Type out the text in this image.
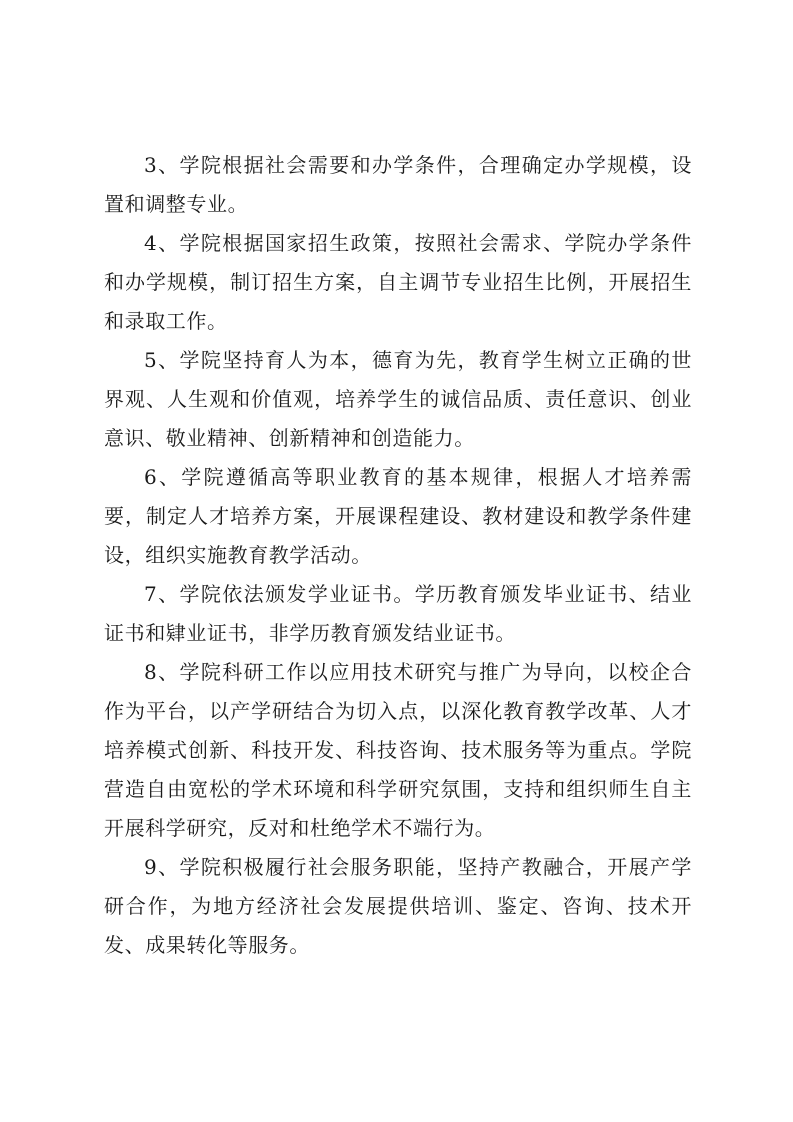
3、学院根据社会需要和办学条件，合理确定办学规模，设置和调整专业。

4、学院根据国家招生政策，按照社会需求、学院办学条件和办学规模，制订招生方案，自主调节专业招生比例，开展招生和录取工作。

5、学院坚持育人为本，德育为先，教育学生树立正确的世界观、人生观和价值观，培养学生的诚信品质、责任意识、创业意识、敬业精神、创新精神和创造能力。

6、学院遵循高等职业教育的基本规律，根据人才培养需要，制定人才培养方案，开展课程建设、教材建设和教学条件建设，组织实施教育教学活动。

7、学院依法颁发学业证书。学历教育颁发毕业证书、结业证书和肄业证书，非学历教育颁发结业证书。

8、学院科研工作以应用技术研究与推广为导向，以校企合作为平台，以产学研结合为切入点，以深化教育教学改革、人才培养模式创新、科技开发、科技咨询、技术服务等为重点。学院营造自由宽松的学术环境和科学研究氛围，支持和组织师生自主开展科学研究，反对和杜绝学术不端行为。

9、学院积极履行社会服务职能，坚持产教融合，开展产学研合作，为地方经济社会发展提供培训、鉴定、咨询、技术开发、成果转化等服务。
